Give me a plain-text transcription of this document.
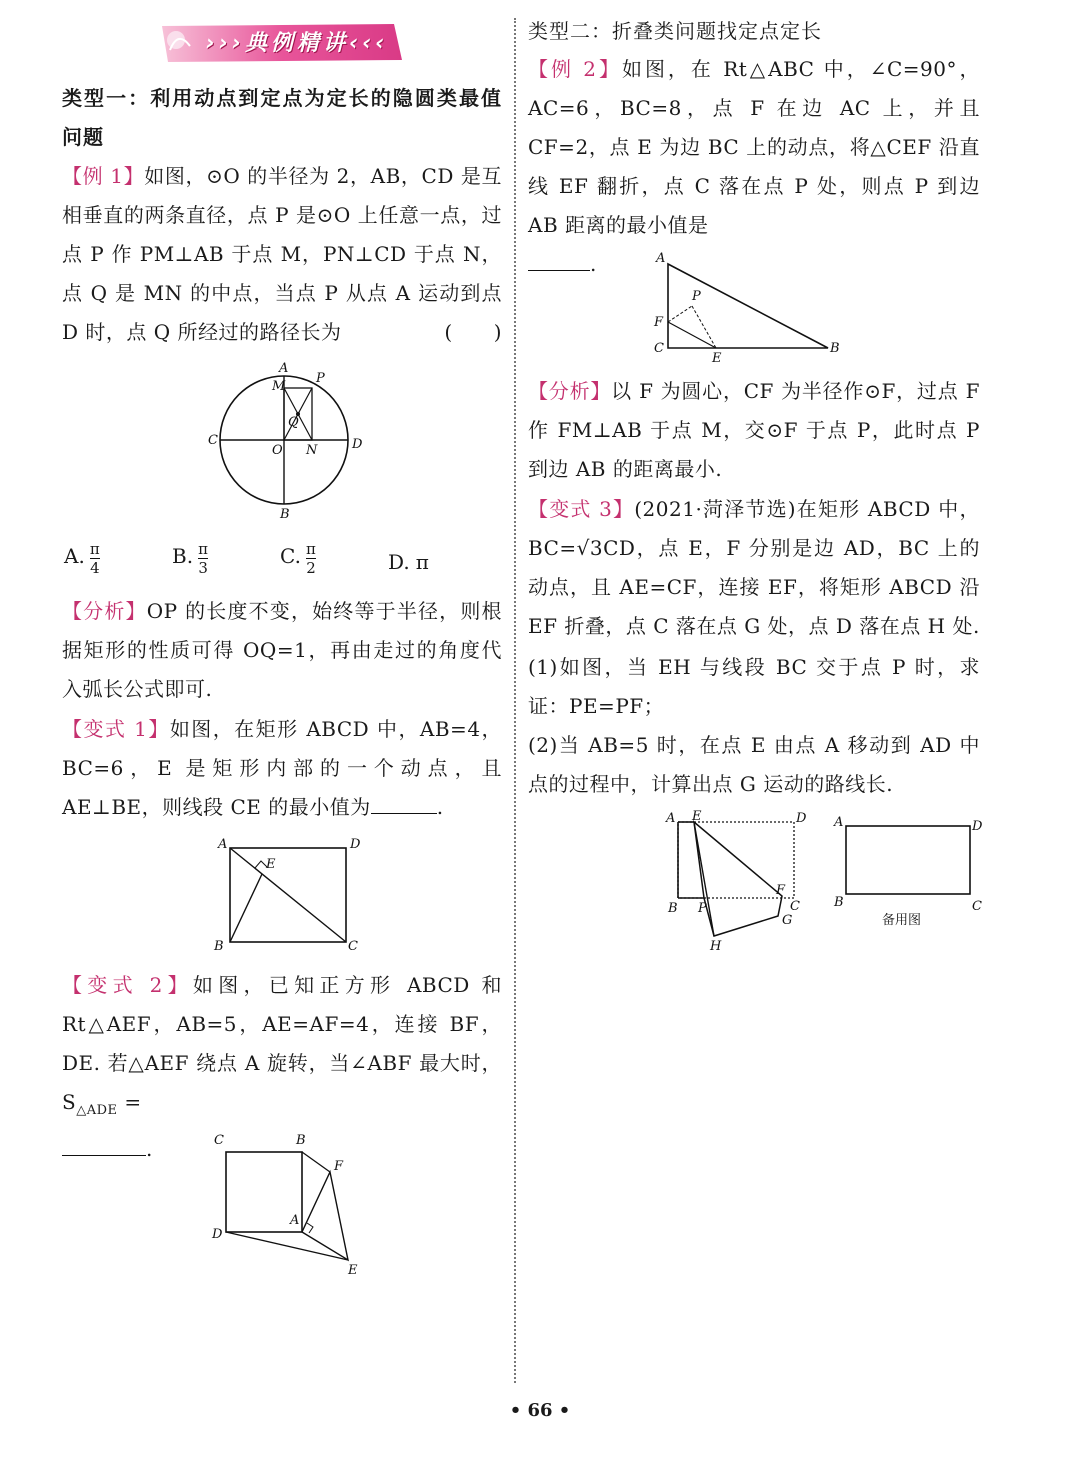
›››典例精讲‹‹‹

类型一：利用动点到定点为定长的隐圆类最值问题

【例 1】如图，⊙O 的半径为 2，AB，CD 是互相垂直的两条直径，点 P 是⊙O 上任意一点，过点 P 作 PM⊥AB 于点 M，PN⊥CD 于点 N，点 Q 是 MN 的中点，当点 P 从点 A 运动到点 D 时，点 Q 所经过的路径长为	(　　)

A
M
P
Q
C
O N	D
B
A. $\frac{\pi}{4}$	B. $\frac{\pi}{3}$	C. $\frac{\pi}{2}$	D. π

【分析】OP 的长度不变，始终等于半径，则根据矩形的性质可得 OQ=1，再由走过的角度代入弧长公式即可.

【变式 1】如图，在矩形 ABCD 中，AB=4，BC=6，E 是矩形内部的一个动点，且 AE⊥BE，则线段 CE 的最小值为	.

A	D
E
B	C

【变式 2】如图，已知正方形 ABCD 和 Rt△AEF，AB=5，AE=AF=4，连接 BF，DE. 若△AEF 绕点 A 旋转，当∠ABF 最大时，$S_{\triangle ADE}$ =
.	C	B
F
A
D
E

类型二：折叠类问题找定点定长

【例 2】如图，在 Rt△ABC 中，∠C=90°，AC=6，BC=8，点 F 在边 AC 上，并且 CF=2，点 E 为边 BC 上的动点，将△CEF 沿直线 EF 翻折，点 C 落在点 P 处，则点 P 到边 AB 距离的最小值是
.	A
P
F
C
E
B

【分析】以 F 为圆心，CF 为半径作⊙F，过点 F 作 FM⊥AB 于点 M，交⊙F 于点 P，此时点 P 到边 AB 的距离最小.

【变式 3】(2021·菏泽节选)在矩形 ABCD 中，BC=√3CD，点 E，F 分别是边 AD，BC 上的动点，且 AE=CF，连接 EF，将矩形 ABCD 沿 EF 折叠，点 C 落在点 G 处，点 D 落在点 H 处.

(1)如图，当 EH 与线段 BC 交于点 P 时，求证：PE=PF；

(2)当 AB=5 时，在点 E 由点 A 移动到 AD 中点的过程中，计算出点 G 运动的路线长.

A E	D
F
B P	C
G
H
A	D
B	C
备用图
• 66 •
